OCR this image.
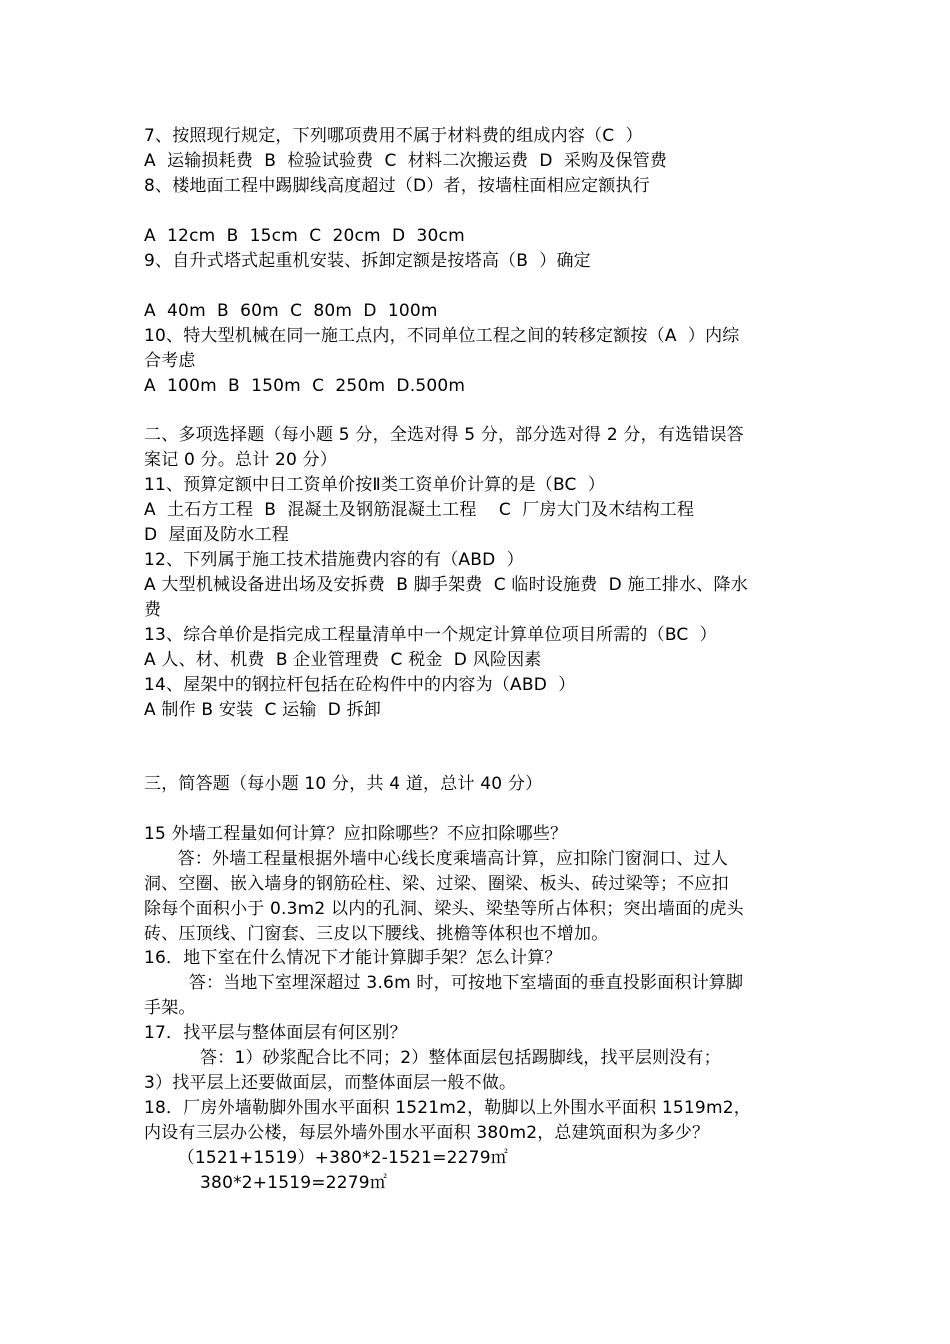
7、按照现行规定，下列哪项费用不属于材料费的组成内容（C  ）
A  运输损耗费  B  检验试验费  C  材料二次搬运费  D  采购及保管费
8、楼地面工程中踢脚线高度超过（D）者，按墙柱面相应定额执行
A  12cm  B  15cm  C  20cm  D  30cm
9、自升式塔式起重机安装、拆卸定额是按塔高（B  ）确定
A  40m  B  60m  C  80m  D  100m
10、特大型机械在同一施工点内，不同单位工程之间的转移定额按（A  ）内综
合考虑
A  100m  B  150m  C  250m  D.500m
二、多项选择题（每小题 5 分，全选对得 5 分，部分选对得 2 分，有选错误答
案记 0 分。总计 20 分）
11、预算定额中日工资单价按Ⅱ类工资单价计算的是（BC  ）
A  土石方工程  B  混凝土及钢筋混凝土工程    C  厂房大门及木结构工程
D  屋面及防水工程
12、下列属于施工技术措施费内容的有（ABD  ）
A 大型机械设备进出场及安拆费  B 脚手架费  C 临时设施费  D 施工排水、降水
费
13、综合单价是指完成工程量清单中一个规定计算单位项目所需的（BC  ）
A 人、材、机费  B 企业管理费  C 税金  D 风险因素
14、屋架中的钢拉杆包括在砼构件中的内容为（ABD  ）
A 制作 B 安装  C 运输  D 拆卸
三，简答题（每小题 10 分，共 4 道，总计 40 分）
15 外墙工程量如何计算？应扣除哪些？不应扣除哪些？
答：外墙工程量根据外墙中心线长度乘墙高计算，应扣除门窗洞口、过人
洞、空圈、嵌入墙身的钢筋砼柱、梁、过梁、圈梁、板头、砖过梁等；不应扣
除每个面积小于 0.3m2 以内的孔洞、梁头、梁垫等所占体积；突出墙面的虎头
砖、压顶线、门窗套、三皮以下腰线、挑檐等体积也不增加。
16．地下室在什么情况下才能计算脚手架？怎么计算？
答：当地下室埋深超过 3.6m 时，可按地下室墙面的垂直投影面积计算脚
手架。
17．找平层与整体面层有何区别？
答：1）砂浆配合比不同；2）整体面层包括踢脚线，找平层则没有；
3）找平层上还要做面层，而整体面层一般不做。
18．厂房外墙勒脚外围水平面积 1521m2，勒脚以上外围水平面积 1519m2，
内设有三层办公楼，每层外墙外围水平面积 380m2，总建筑面积为多少？
（1521+1519）+380*2-1521=2279㎡
380*2+1519=2279㎡
